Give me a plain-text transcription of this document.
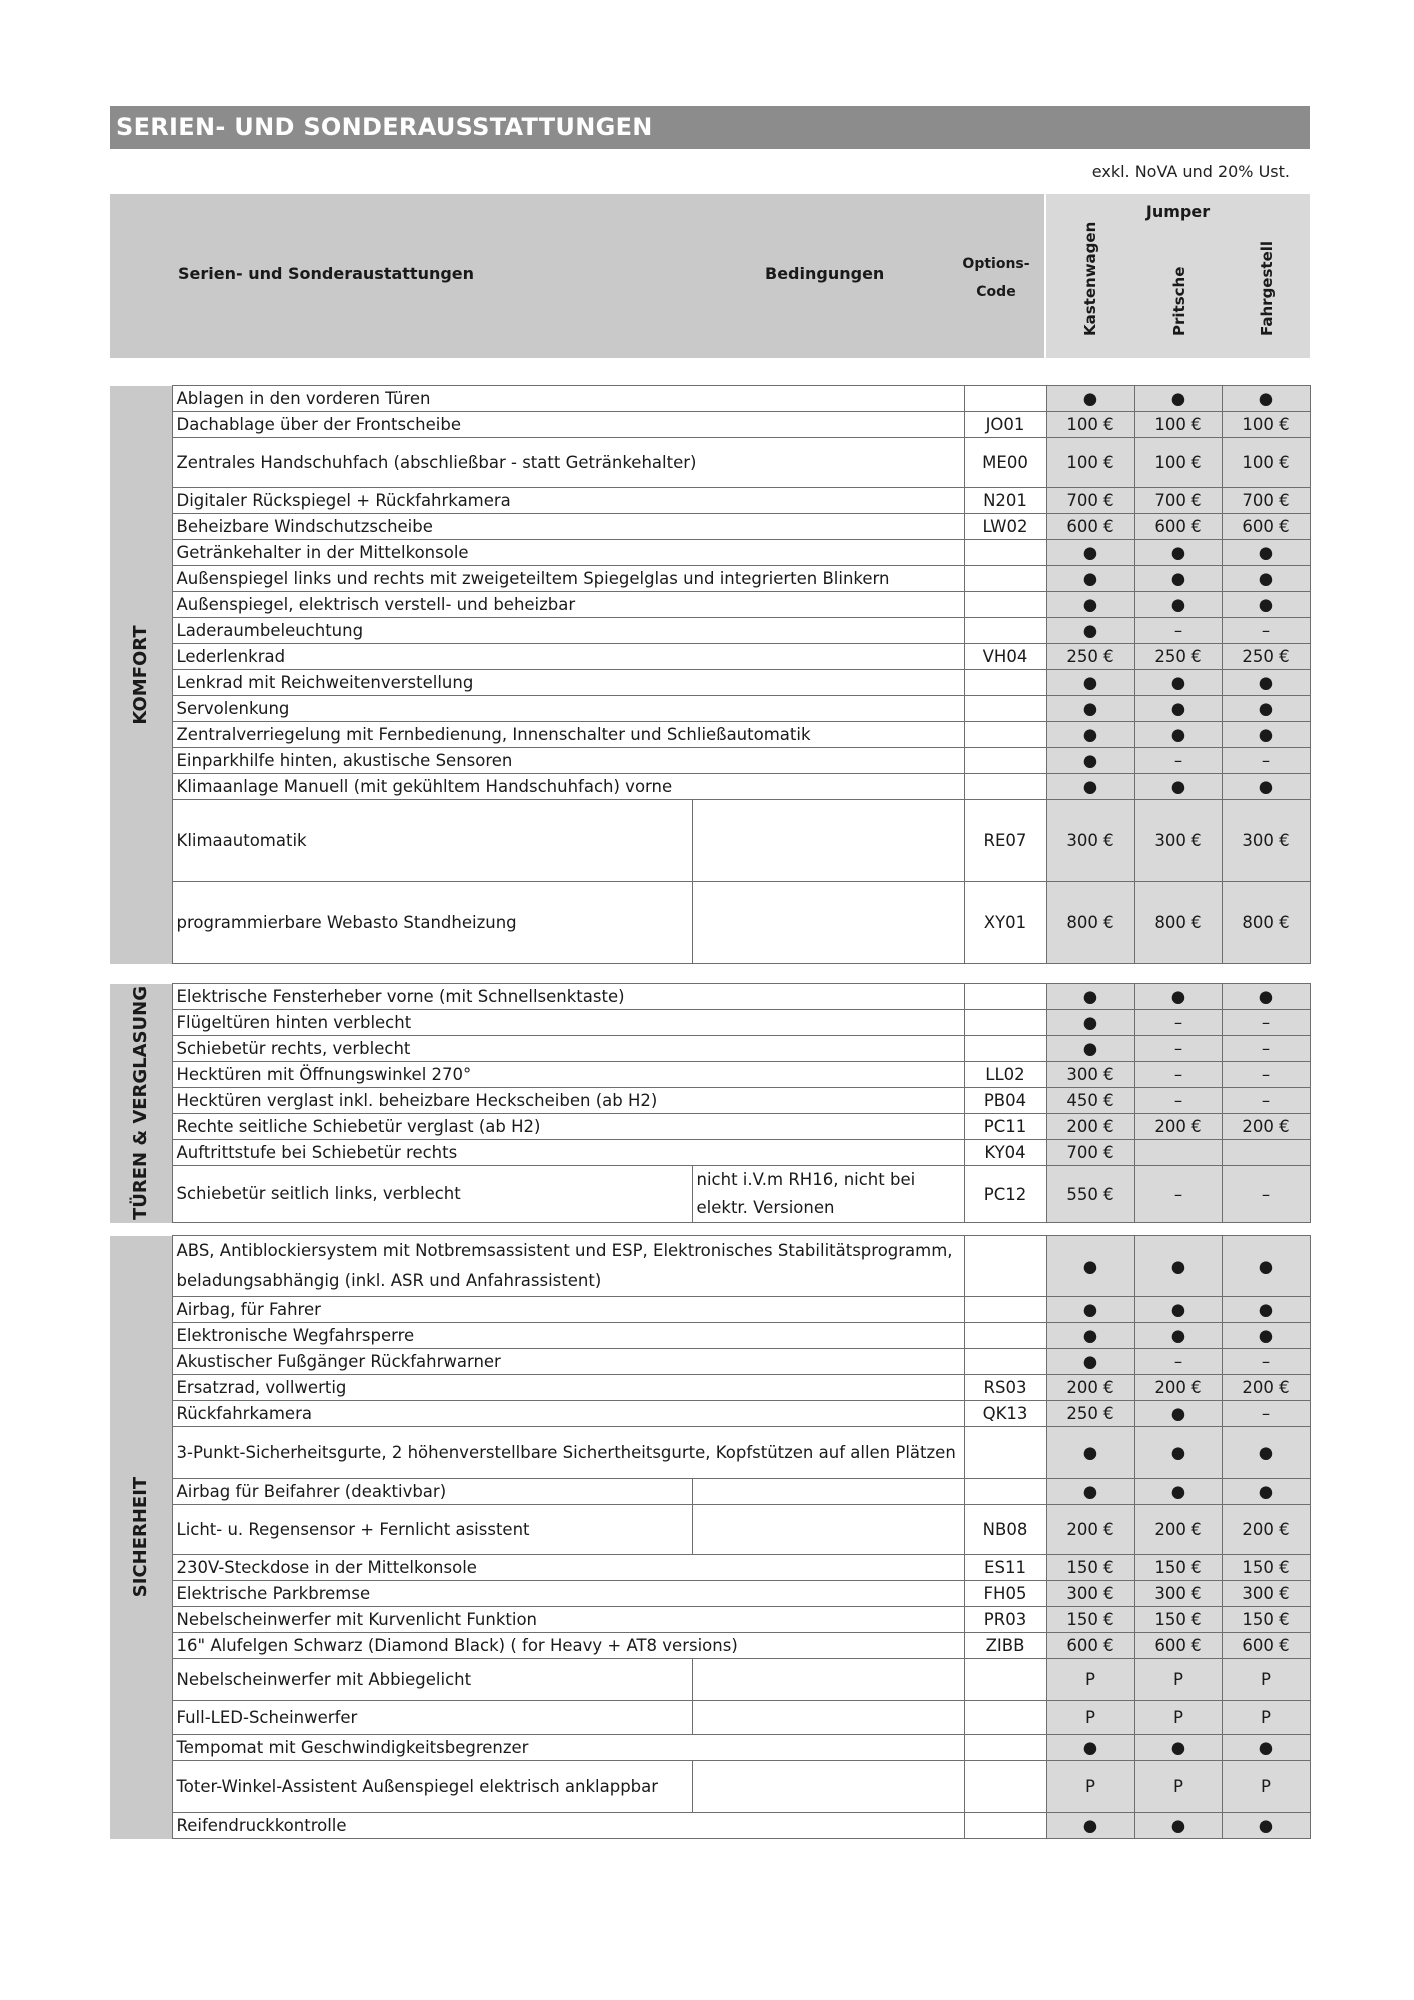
SERIEN- UND SONDERAUSSTATTUNGEN
exkl. NoVA und 20% Ust.
Serien- und Sonderaustattungen	Bedingungen	Options-
Code
Jumper
Kastenwagen	Pritsche	Fahrgestell
KOMFORT	Ablagen in den vorderen Türen			●	●	●
	Dachablage über der Frontscheibe		JO01	100 €	100 €	100 €
	Zentrales Handschuhfach (abschließbar - statt Getränkehalter)		ME00	100 €	100 €	100 €
	Digitaler Rückspiegel + Rückfahrkamera		N201	700 €	700 €	700 €
	Beheizbare Windschutzscheibe		LW02	600 €	600 €	600 €
	Getränkehalter in der Mittelkonsole			●	●	●
	Außenspiegel links und rechts mit zweigeteiltem Spiegelglas und integrierten Blinkern			●	●	●
	Außenspiegel, elektrisch verstell- und beheizbar			●	●	●
	Laderaumbeleuchtung			●	–	–
	Lederlenkrad		VH04	250 €	250 €	250 €
	Lenkrad mit Reichweitenverstellung			●	●	●
	Servolenkung			●	●	●
	Zentralverriegelung mit Fernbedienung, Innenschalter und Schließautomatik			●	●	●
	Einparkhilfe hinten, akustische Sensoren			●	–	–
	Klimaanlage Manuell (mit gekühltem Handschuhfach) vorne			●	●	●
	Klimaautomatik		RE07	300 €	300 €	300 €
	programmierbare Webasto Standheizung		XY01	800 €	800 €	800 €
TÜREN & VERGLASUNG	Elektrische Fensterheber vorne (mit Schnellsenktaste)			●	●	●
	Flügeltüren hinten verblecht			●	–	–
	Schiebetür rechts, verblecht			●	–	–
	Hecktüren mit Öffnungswinkel 270°		LL02	300 €	–	–
	Hecktüren verglast inkl. beheizbare Heckscheiben (ab H2)		PB04	450 €	–	–
	Rechte seitliche Schiebetür verglast (ab H2)		PC11	200 €	200 €	200 €
	Auftrittstufe bei Schiebetür rechts		KY04	700 €		
	Schiebetür seitlich links, verblecht	nicht i.V.m RH16, nicht bei elektr. Versionen	PC12	550 €	–	–
SICHERHEIT	ABS, Antiblockiersystem mit Notbremsassistent und ESP, Elektronisches Stabilitätsprogramm, beladungsabhängig (inkl. ASR und Anfahrassistent)			●	●	●
	Airbag, für Fahrer			●	●	●
	Elektronische Wegfahrsperre			●	●	●
	Akustischer Fußgänger Rückfahrwarner			●	–	–
	Ersatzrad, vollwertig		RS03	200 €	200 €	200 €
	Rückfahrkamera		QK13	250 €	●	–
	3-Punkt-Sicherheitsgurte, 2 höhenverstellbare Sichertheitsgurte, Kopfstützen auf allen Plätzen			●	●	●
	Airbag für Beifahrer (deaktivbar)			●	●	●
	Licht- u. Regensensor + Fernlicht asisstent		NB08	200 €	200 €	200 €
	230V-Steckdose in der Mittelkonsole		ES11	150 €	150 €	150 €
	Elektrische Parkbremse		FH05	300 €	300 €	300 €
	Nebelscheinwerfer mit Kurvenlicht Funktion		PR03	150 €	150 €	150 €
	16" Alufelgen Schwarz (Diamond Black) ( for Heavy + AT8 versions)		ZIBB	600 €	600 €	600 €
	Nebelscheinwerfer mit Abbiegelicht			P	P	P
	Full-LED-Scheinwerfer			P	P	P
	Tempomat mit Geschwindigkeitsbegrenzer			●	●	●
	Toter-Winkel-Assistent Außenspiegel elektrisch anklappbar			P	P	P
	Reifendruckkontrolle			●	●	●
